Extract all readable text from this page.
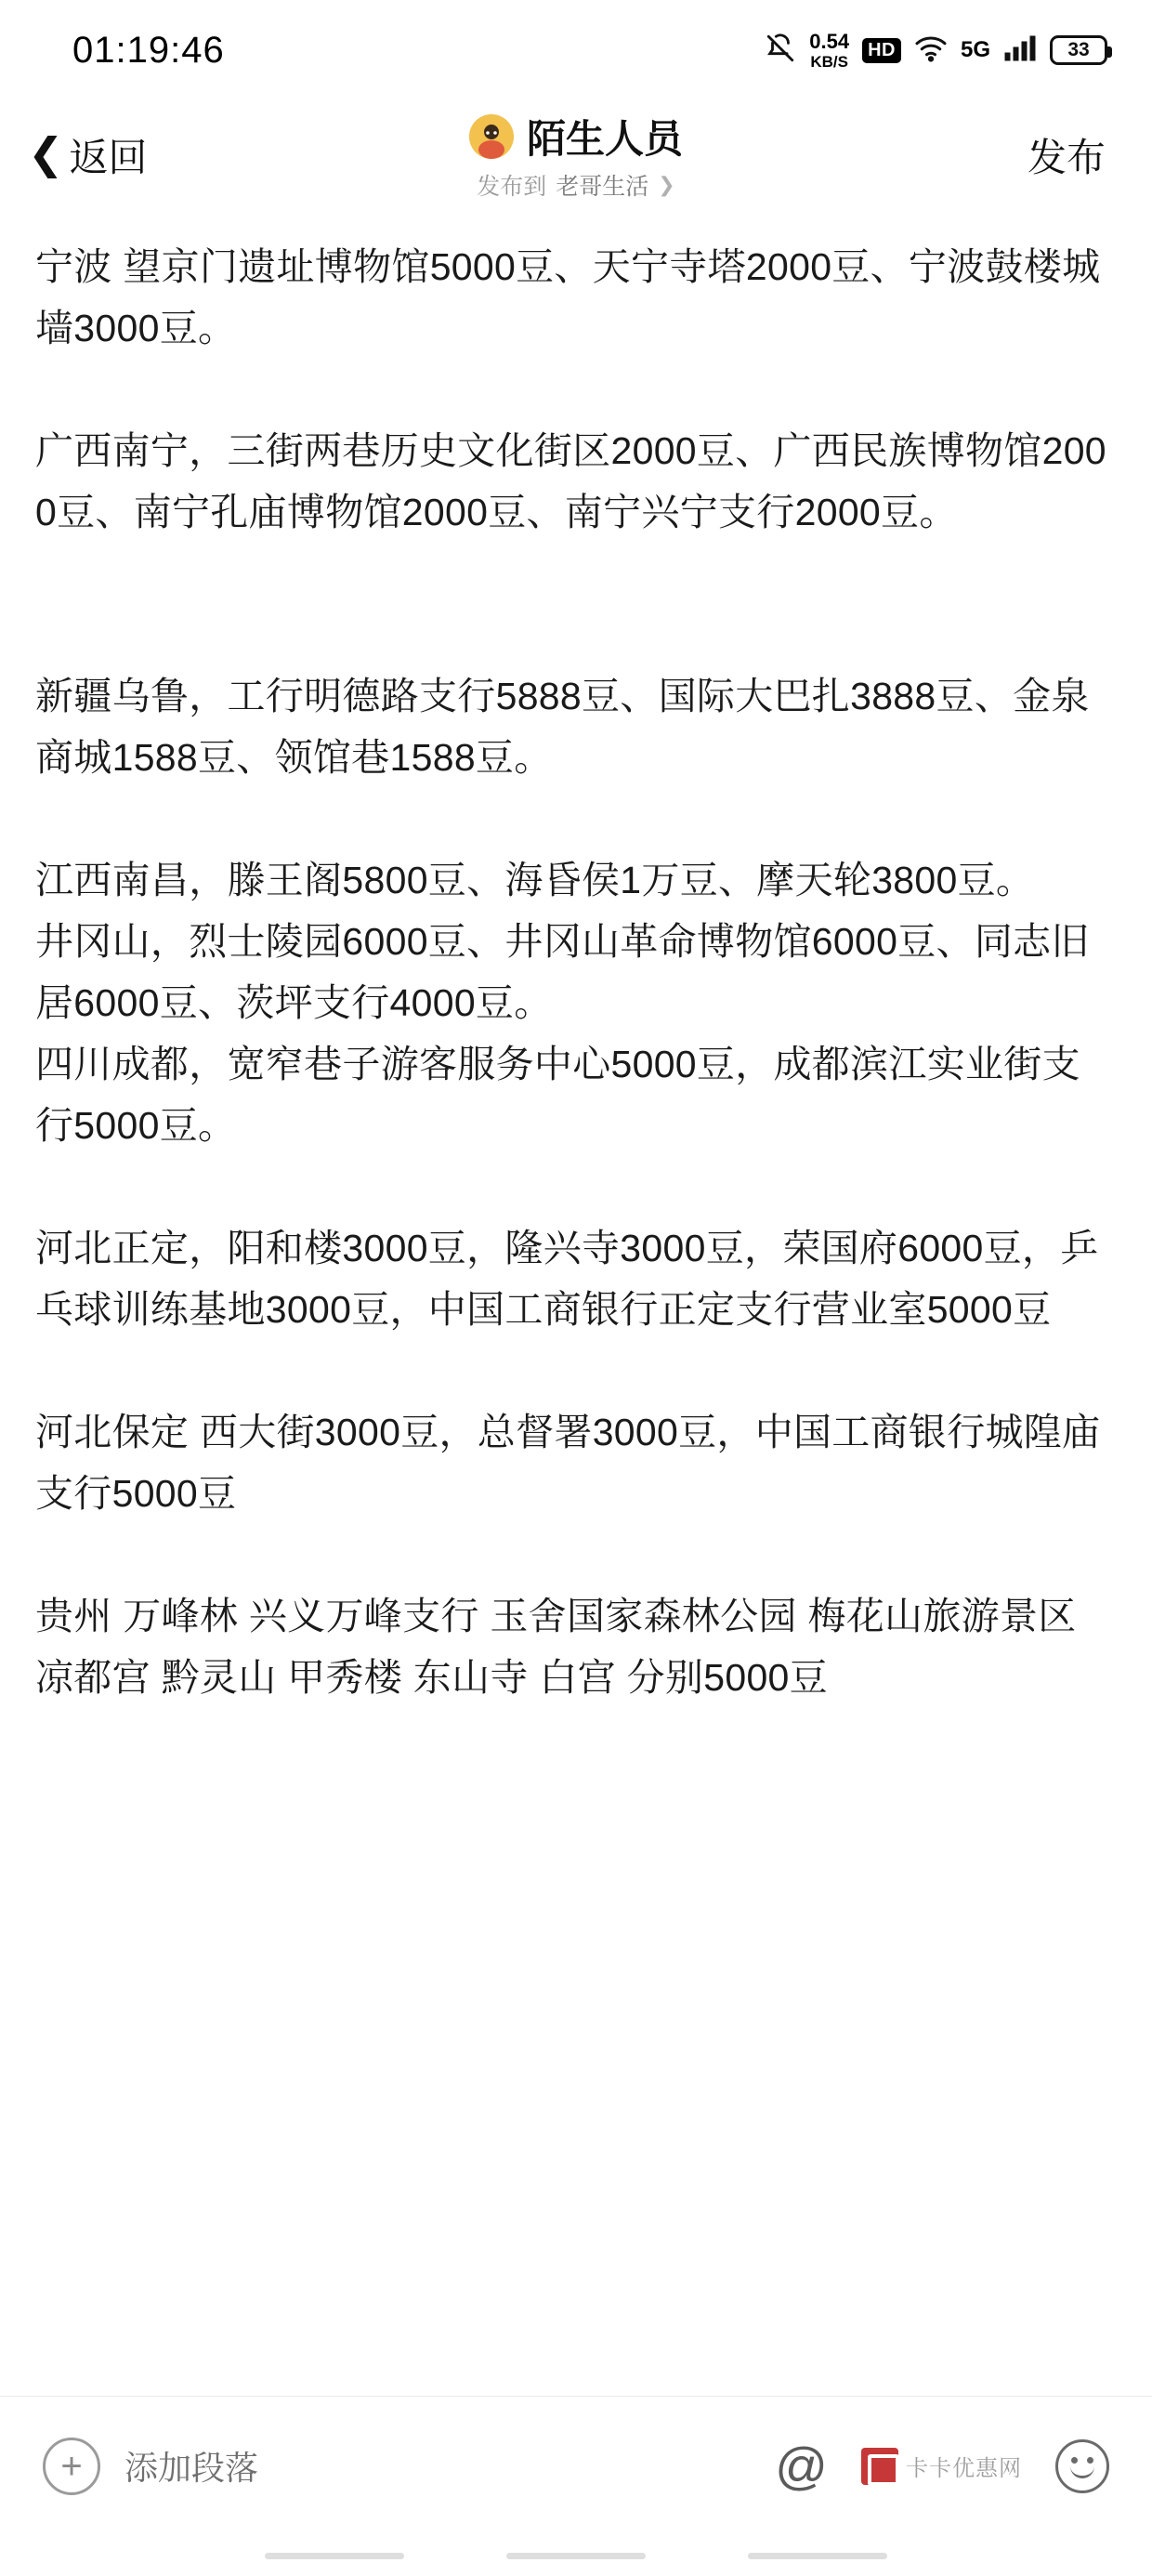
01:19:46	0.54
KB/S
HD	5G	33
❮ 返回	陌生人员
发布到 老哥生活 ❯
发布
宁波 望京门遗址博物馆5000豆、天宁寺塔2000豆、宁波鼓楼城墙3000豆。
广西南宁，三街两巷历史文化街区2000豆、广西民族博物馆2000豆、南宁孔庙博物馆2000豆、南宁兴宁支行2000豆。
新疆乌鲁，工行明德路支行5888豆、国际大巴扎3888豆、金泉商城1588豆、领馆巷1588豆。
江西南昌，滕王阁5800豆、海昏侯1万豆、摩天轮3800豆。
井冈山，烈士陵园6000豆、井冈山革命博物馆6000豆、同志旧居6000豆、茨坪支行4000豆。
四川成都，宽窄巷子游客服务中心5000豆，成都滨江实业街支行5000豆。
河北正定，阳和楼3000豆，隆兴寺3000豆，荣国府6000豆，乒乓球训练基地3000豆，中国工商银行正定支行营业室5000豆
河北保定 西大街3000豆，总督署3000豆，中国工商银行城隍庙支行5000豆
贵州 万峰林 兴义万峰支行 玉舍国家森林公园 梅花山旅游景区 凉都宫 黔灵山 甲秀楼 东山寺 白宫 分别5000豆
+	添加段落	@	卡卡优惠网
